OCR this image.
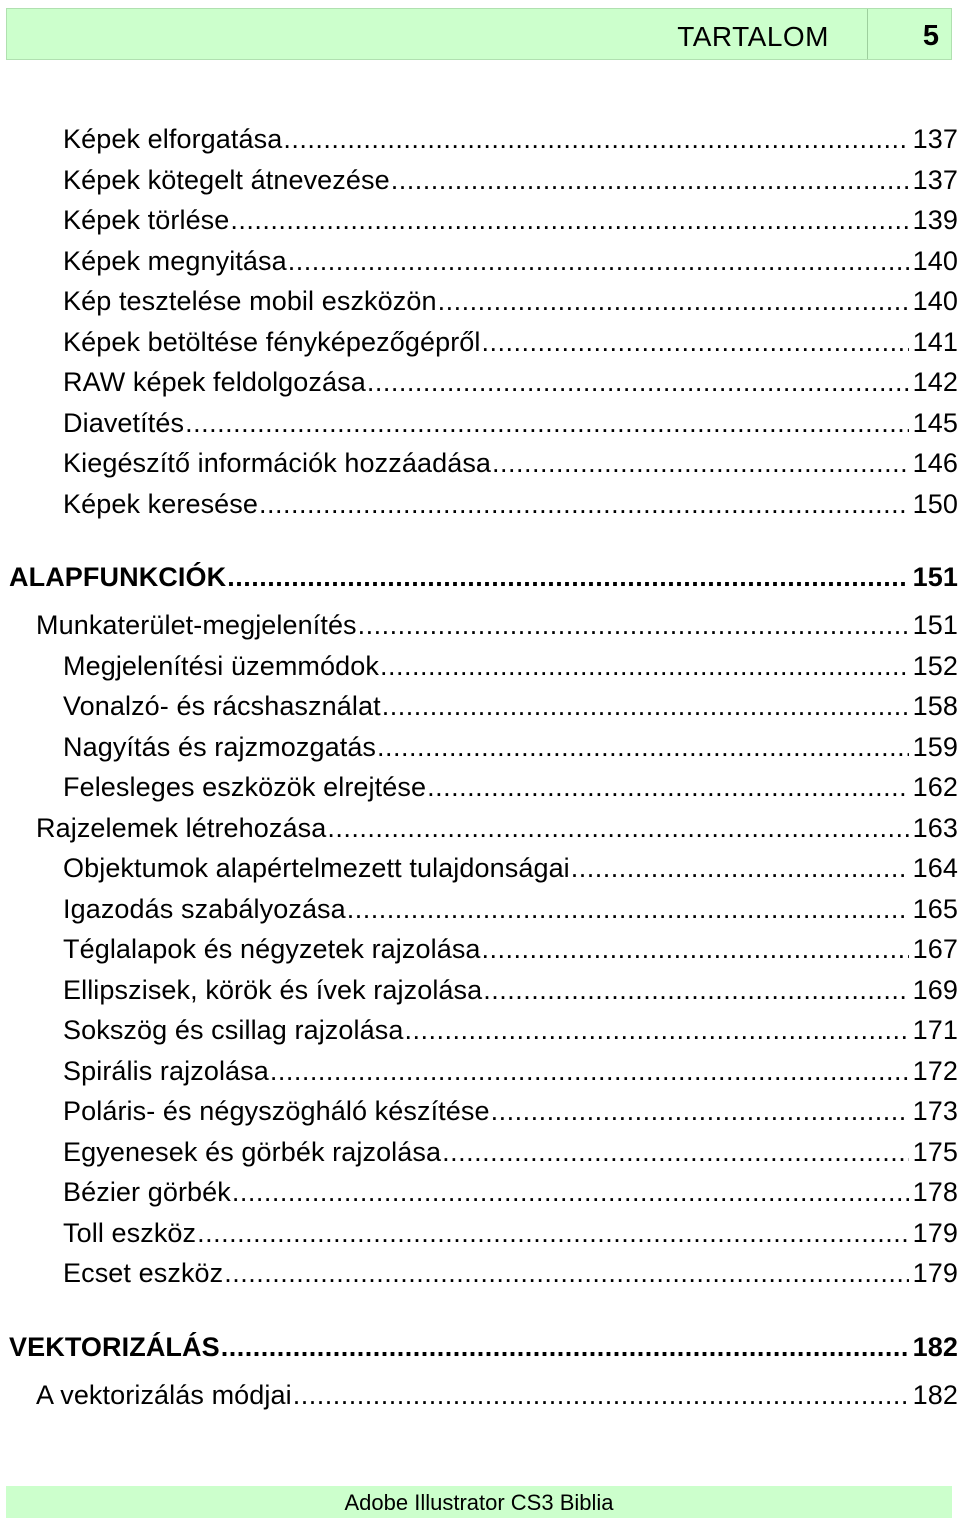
TARTALOM	5
Képek elforgatása .....	137
Képek kötegelt átnevezése .....	137
Képek törlése .....	139
Képek megnyitása .....	140
Kép tesztelése mobil eszközön .....	140
Képek betöltése fényképezőgépről .....	141
RAW képek feldolgozása .....	142
Diavetítés .....	145
Kiegészítő információk hozzáadása .....	146
Képek keresése .....	150
ALAPFUNKCIÓK .....	151
Munkaterület-megjelenítés .....	151
Megjelenítési üzemmódok .....	152
Vonalzó- és rácshasználat .....	158
Nagyítás és rajzmozgatás .....	159
Felesleges eszközök elrejtése .....	162
Rajzelemek létrehozása .....	163
Objektumok alapértelmezett tulajdonságai .....	164
Igazodás szabályozása .....	165
Téglalapok és négyzetek rajzolása .....	167
Ellipszisek, körök és ívek rajzolása .....	169
Sokszög és csillag rajzolása .....	171
Spirális rajzolása .....	172
Poláris- és négyszögháló készítése .....	173
Egyenesek és görbék rajzolása .....	175
Bézier görbék .....	178
Toll eszköz .....	179
Ecset eszköz .....	179
VEKTORIZÁLÁS .....	182
A vektorizálás módjai .....	182
Adobe Illustrator CS3 Biblia
